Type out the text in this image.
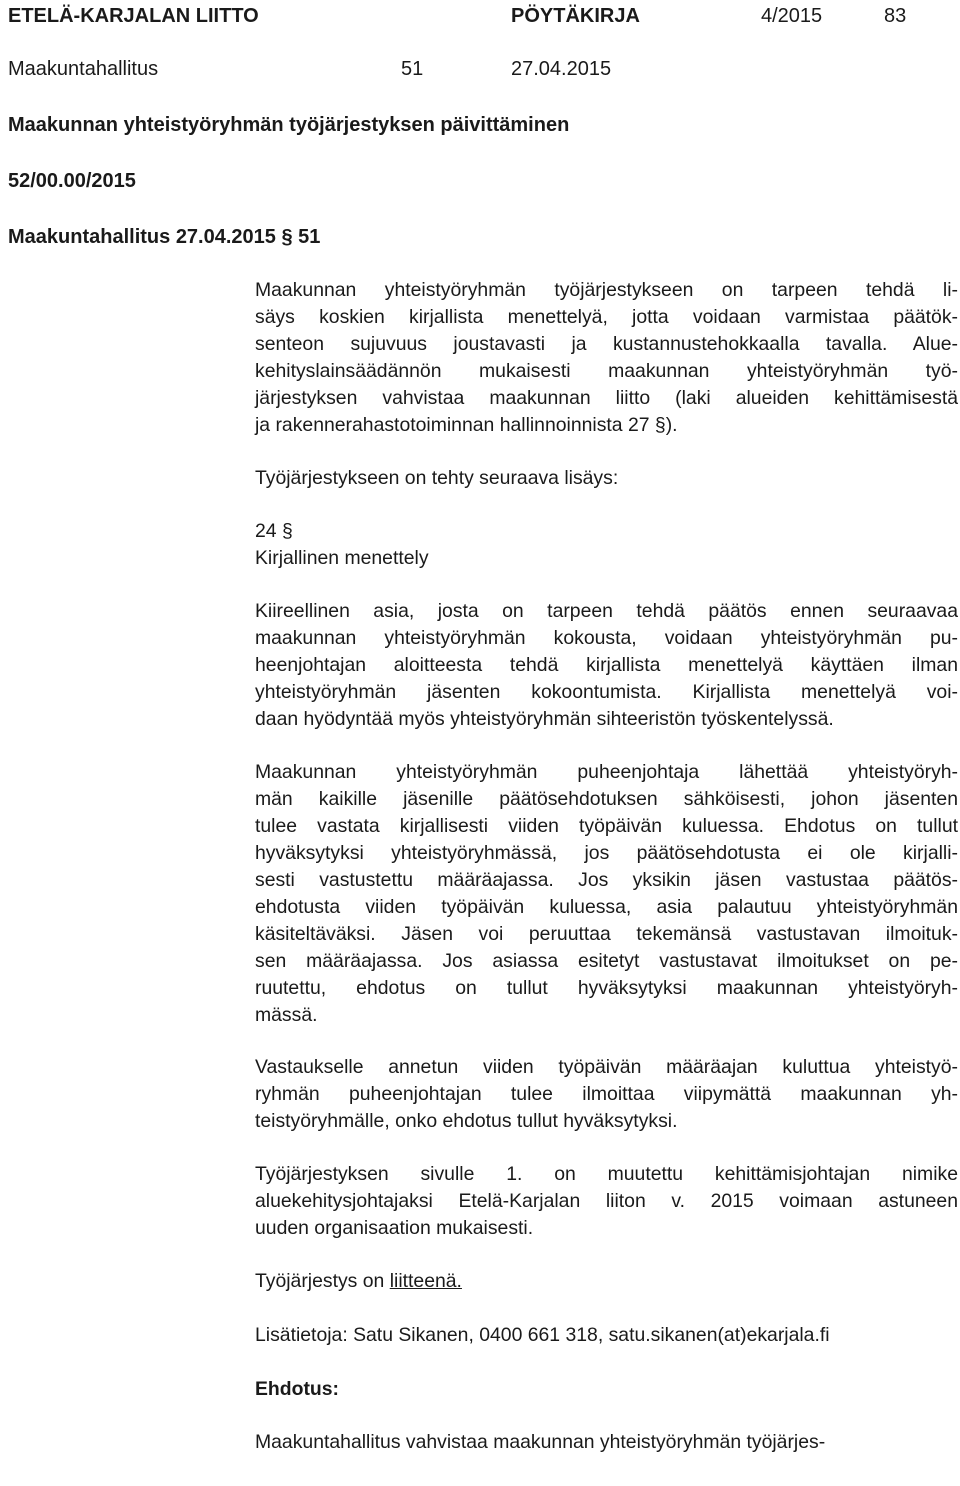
ETELÄ-KARJALAN LIITTO	PÖYTÄKIRJA	4/2015	83
Maakuntahallitus	51	27.04.2015
Maakunnan yhteistyöryhmän työjärjestyksen päivittäminen
52/00.00/2015
Maakuntahallitus 27.04.2015 § 51

Maakunnan yhteistyöryhmän työjärjestykseen on tarpeen tehdä li-

säys koskien kirjallista menettelyä, jotta voidaan varmistaa päätök-

senteon sujuvuus joustavasti ja kustannustehokkaalla tavalla. Alue-

kehityslainsäädännön mukaisesti maakunnan yhteistyöryhmän työ-

järjestyksen vahvistaa maakunnan liitto (laki alueiden kehittämisestä

ja rakennerahastotoiminnan hallinnoinnista 27 §).

Työjärjestykseen on tehty seuraava lisäys:
24 §
Kirjallinen menettely

Kiireellinen asia, josta on tarpeen tehdä päätös ennen seuraavaa

maakunnan yhteistyöryhmän kokousta, voidaan yhteistyöryhmän pu-

heenjohtajan aloitteesta tehdä kirjallista menettelyä käyttäen ilman

yhteistyöryhmän jäsenten kokoontumista. Kirjallista menettelyä voi-

daan hyödyntää myös yhteistyöryhmän sihteeristön työskentelyssä.

Maakunnan yhteistyöryhmän puheenjohtaja lähettää yhteistyöryh-

män kaikille jäsenille päätösehdotuksen sähköisesti, johon jäsenten

tulee vastata kirjallisesti viiden työpäivän kuluessa. Ehdotus on tullut

hyväksytyksi yhteistyöryhmässä, jos päätösehdotusta ei ole kirjalli-

sesti vastustettu määräajassa. Jos yksikin jäsen vastustaa päätös-

ehdotusta viiden työpäivän kuluessa, asia palautuu yhteistyöryhmän

käsiteltäväksi. Jäsen voi peruuttaa tekemänsä vastustavan ilmoituk-

sen määräajassa. Jos asiassa esitetyt vastustavat ilmoitukset on pe-

ruutettu, ehdotus on tullut hyväksytyksi maakunnan yhteistyöryh-

mässä.

Vastaukselle annetun viiden työpäivän määräajan kuluttua yhteistyö-

ryhmän puheenjohtajan tulee ilmoittaa viipymättä maakunnan yh-

teistyöryhmälle, onko ehdotus tullut hyväksytyksi.

Työjärjestyksen sivulle 1. on muutettu kehittämisjohtajan nimike

aluekehitysjohtajaksi Etelä-Karjalan liiton v. 2015 voimaan astuneen

uuden organisaation mukaisesti.

Työjärjestys on liitteenä.
Lisätietoja: Satu Sikanen, 0400 661 318, satu.sikanen(at)ekarjala.fi
Ehdotus:
Maakuntahallitus vahvistaa maakunnan yhteistyöryhmän työjärjes-
